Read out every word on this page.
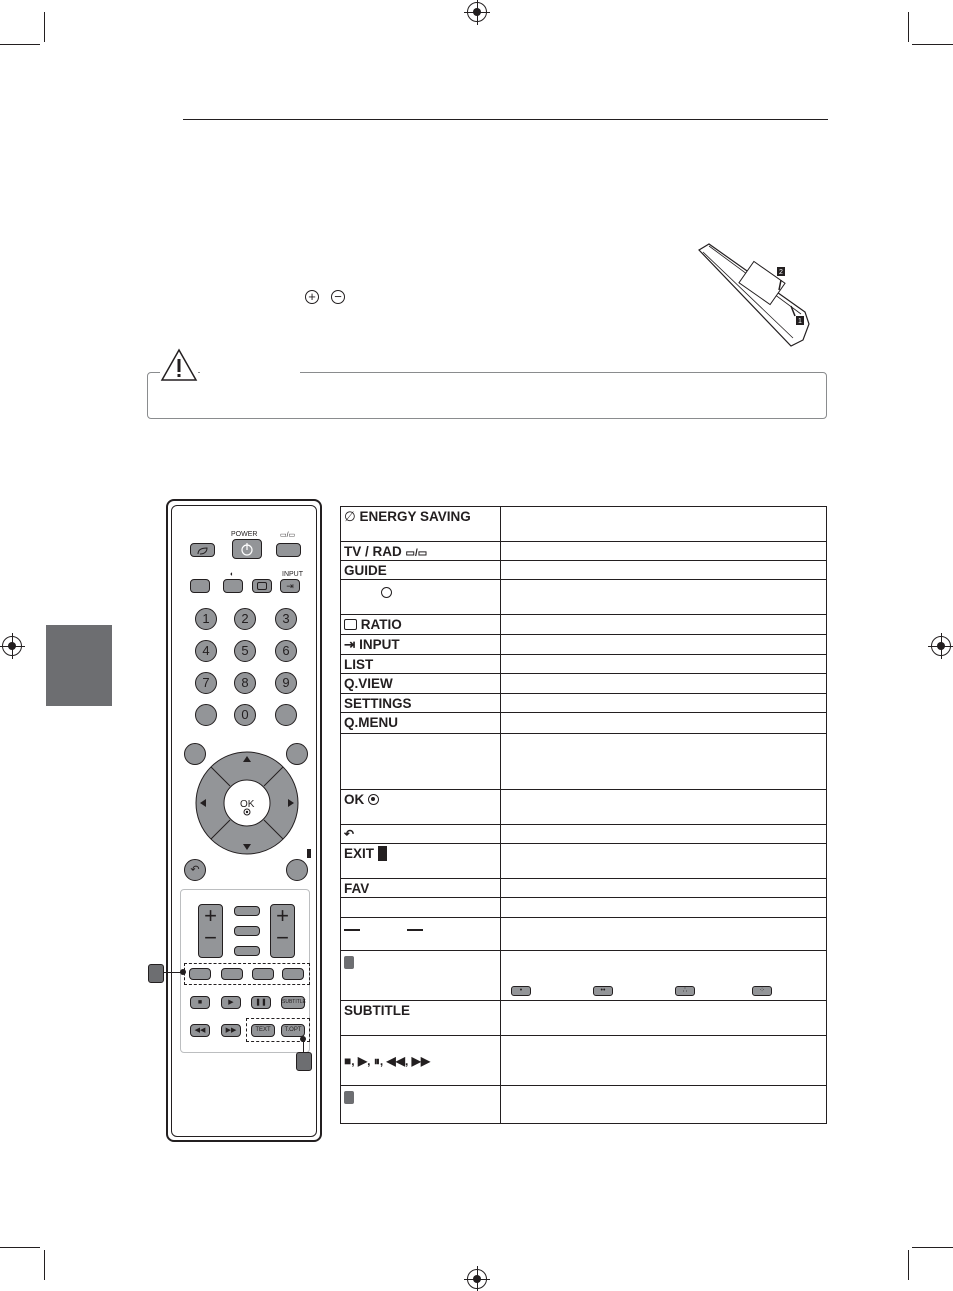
+ −
2
1
POWER	▭/▭
◐	INPUT
⇥
1	2	3
4	5	6
7	8	9
0
OK
↶
+
−
+
−
■	▶	❚❚	SUBTITLE
◀◀	▶▶	TEXT	T.OPT
∅ ENERGY SAVING
TV / RAD ▭/▭
GUIDE
RATIO
⇥ INPUT
LIST
Q.VIEW
SETTINGS
Q.MENU
OK
↶
EXIT
FAV

•	••	∴	⁘
SUBTITLE
■, ▶, ⏸, ◀◀, ▶▶
